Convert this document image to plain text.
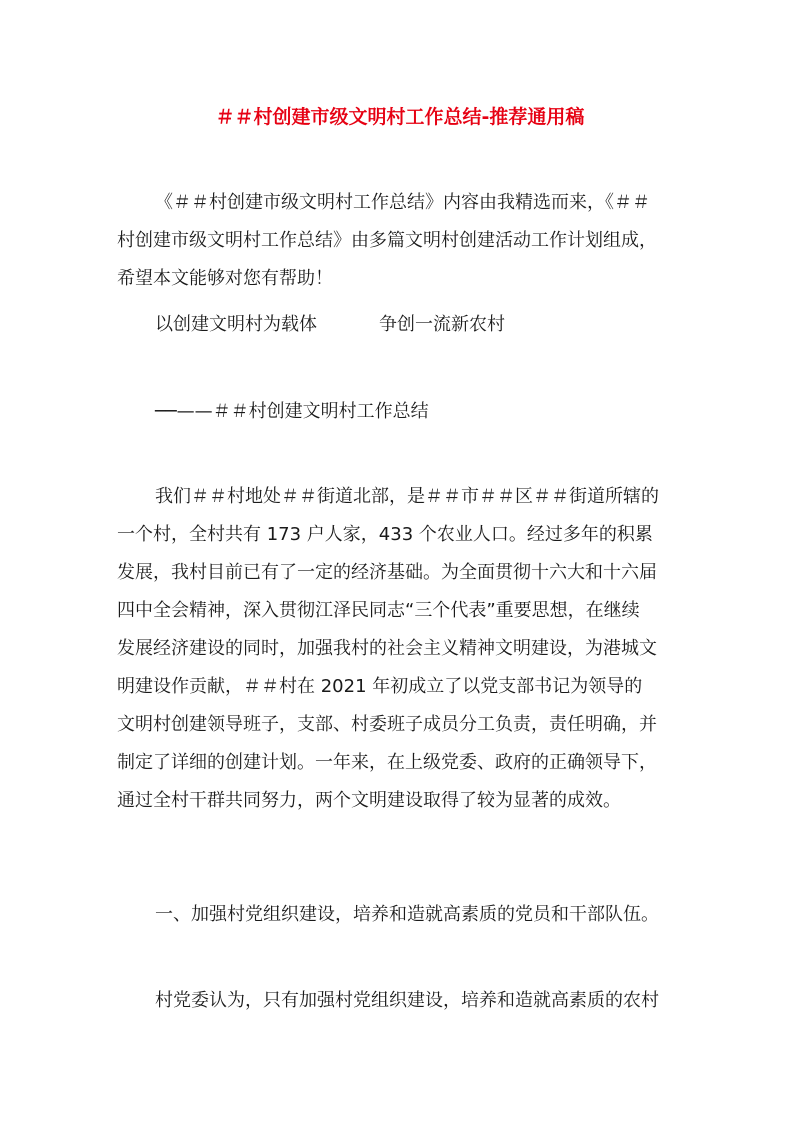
＃＃村创建市级文明村工作总结-推荐通用稿
《＃＃村创建市级文明村工作总结》内容由我精选而来，《＃＃
村创建市级文明村工作总结》由多篇文明村创建活动工作计划组成，
希望本文能够对您有帮助！
以创建文明村为载体	争创一流新农村
──——＃＃村创建文明村工作总结
我们＃＃村地处＃＃街道北部，是＃＃市＃＃区＃＃街道所辖的
一个村，全村共有 173 户人家，433 个农业人口。经过多年的积累
发展，我村目前已有了一定的经济基础。为全面贯彻十六大和十六届
四中全会精神，深入贯彻江泽民同志“三个代表”重要思想，在继续
发展经济建设的同时，加强我村的社会主义精神文明建设，为港城文
明建设作贡献，＃＃村在 2021 年初成立了以党支部书记为领导的
文明村创建领导班子，支部、村委班子成员分工负责，责任明确，并
制定了详细的创建计划。一年来，在上级党委、政府的正确领导下，
通过全村干群共同努力，两个文明建设取得了较为显著的成效。
一、加强村党组织建设，培养和造就高素质的党员和干部队伍。
村党委认为，只有加强村党组织建设，培养和造就高素质的农村
